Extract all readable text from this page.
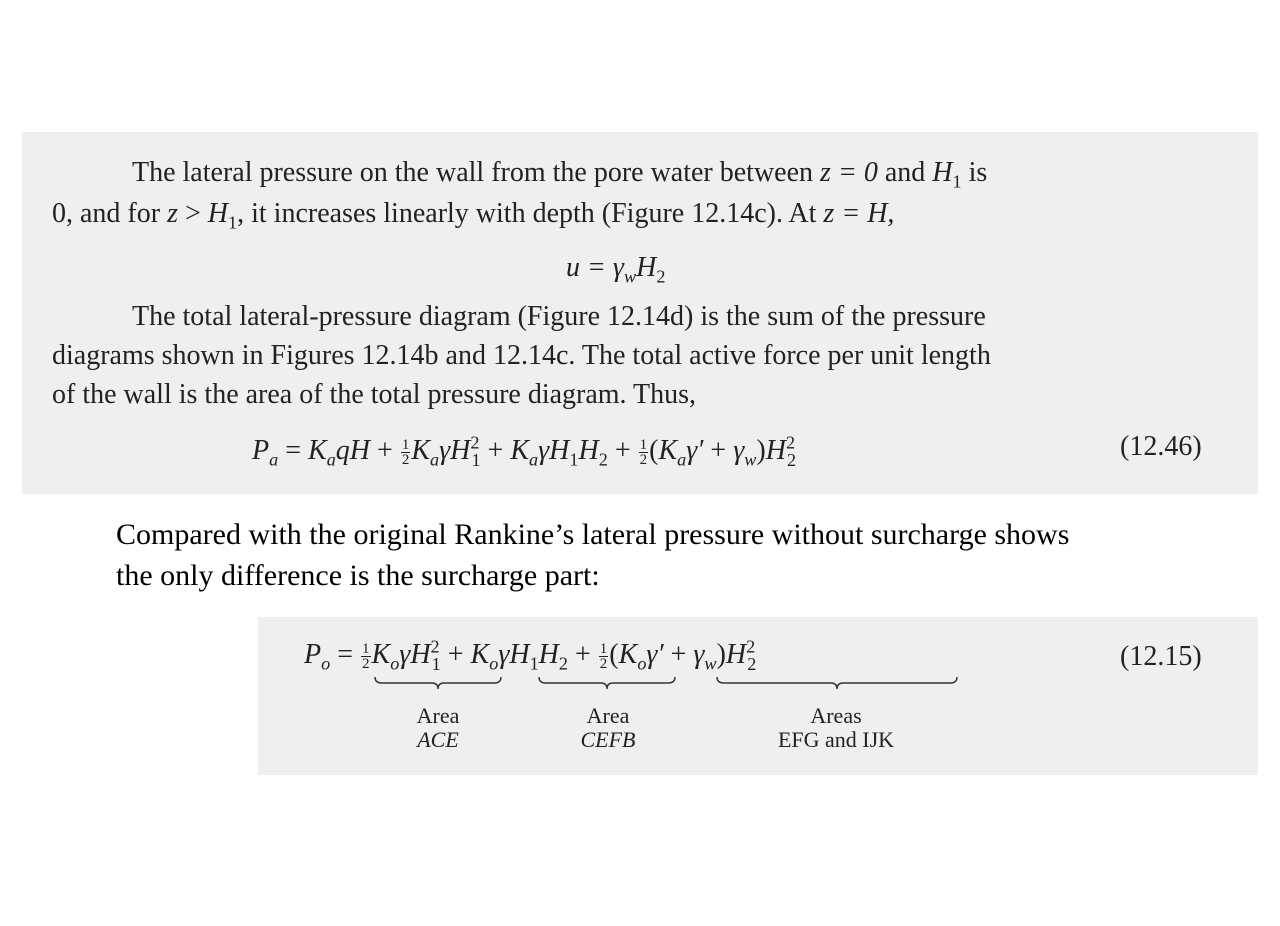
The lateral pressure on the wall from the pore water between z = 0 and $H_1$ is
0, and for $z > H_1$, it increases linearly with depth (Figure 12.14c). At z = H,
$u = \gamma_wH_2$
The total lateral-pressure diagram (Figure 12.14d) is the sum of the pressure
diagrams shown in Figures 12.14b and 12.14c. The total active force per unit length
of the wall is the area of the total pressure diagram. Thus,
$P_a = K_aqH + \frac{1}{2} K_a\gamma H^2_1 + K_a\gamma H_1H_2 + \frac{1}{2} (K_a\gamma' + \gamma_w)H^2_2$	(12.46)
Compared with the original Rankine’s lateral pressure without surcharge shows
the only difference is the surcharge part:
$P_o = \frac{1}{2} K_o\gamma H^2_1 + K_o\gamma H_1H_2 + \frac{1}{2} (K_o\gamma' + \gamma_w)H^2_2$	(12.15)
Area
ACE
Area
CEFB
Areas
EFG and IJK
